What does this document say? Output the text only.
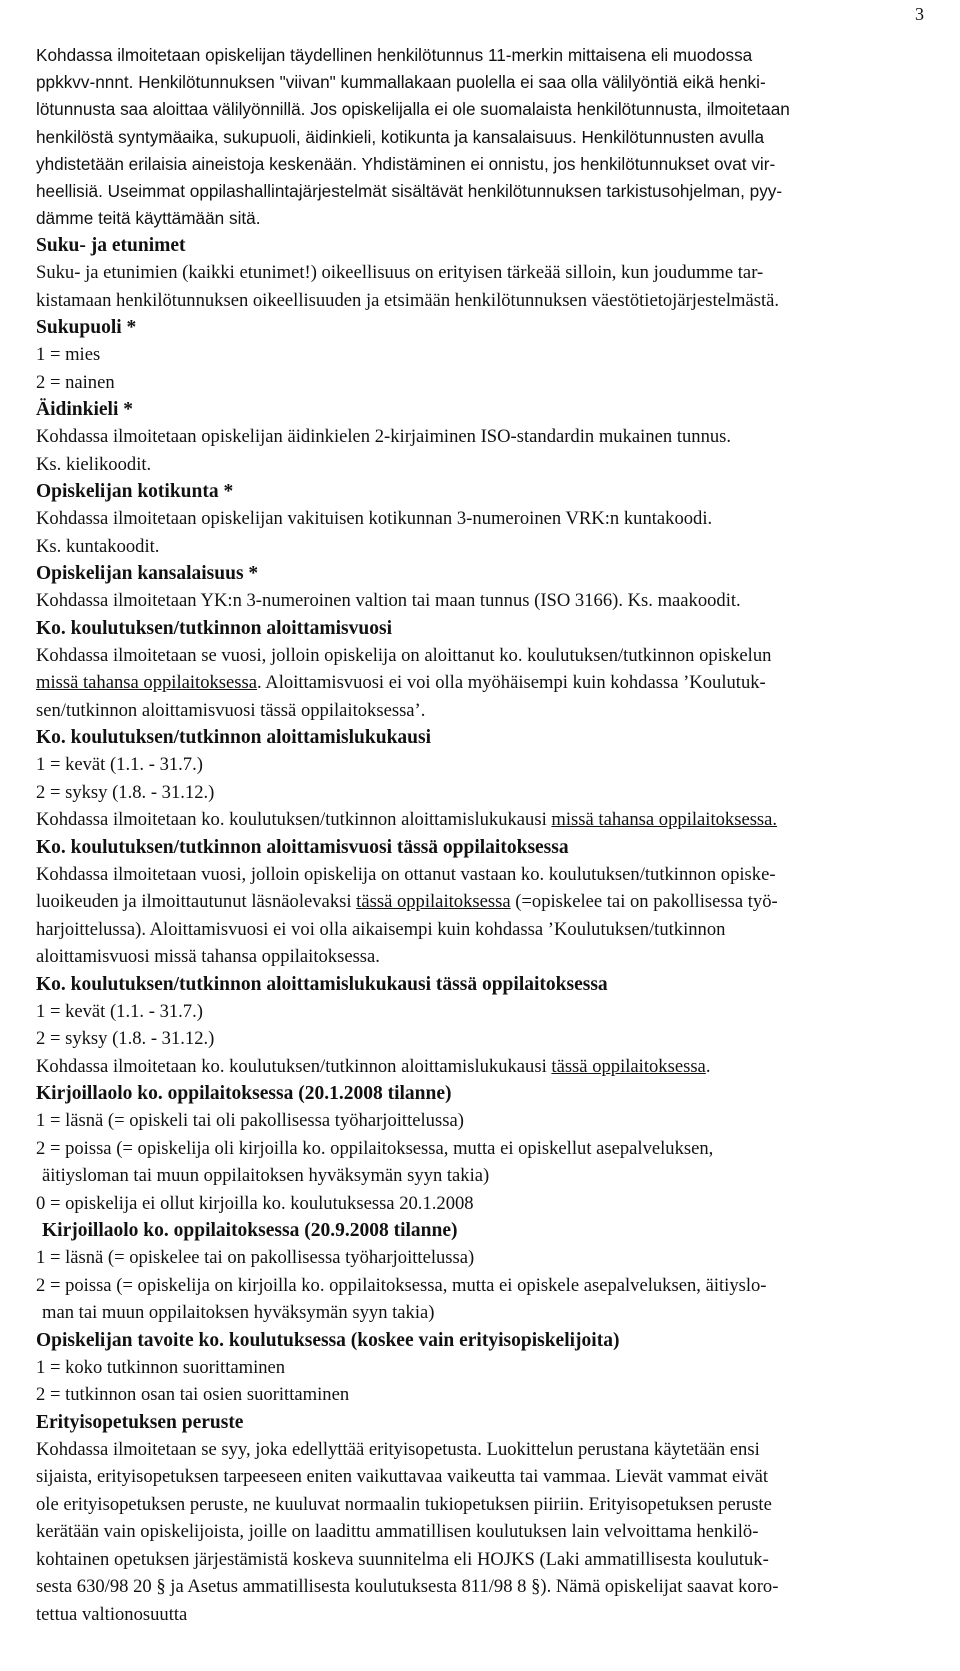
3

Kohdassa ilmoitetaan opiskelijan täydellinen henkilötunnus 11-merkin mittaisena eli muodossa

ppkkvv-nnnt. Henkilötunnuksen "viivan" kummallakaan puolella ei saa olla välilyöntiä eikä henki-

lötunnusta saa aloittaa välilyönnillä. Jos opiskelijalla ei ole suomalaista henkilötunnusta, ilmoitetaan

henkilöstä syntymäaika, sukupuoli, äidinkieli, kotikunta ja kansalaisuus. Henkilötunnusten avulla

yhdistetään erilaisia aineistoja keskenään. Yhdistäminen ei onnistu, jos henkilötunnukset ovat vir-

heellisiä. Useimmat oppilashallintajärjestelmät sisältävät henkilötunnuksen tarkistusohjelman, pyy-

dämme teitä käyttämään sitä.

Suku- ja etunimet

Suku- ja etunimien (kaikki etunimet!) oikeellisuus on erityisen tärkeää silloin, kun joudumme tar-

kistamaan henkilötunnuksen oikeellisuuden ja etsimään henkilötunnuksen väestötietojärjestelmästä.

Sukupuoli *

1 = mies

2 = nainen

Äidinkieli *

Kohdassa ilmoitetaan opiskelijan äidinkielen 2-kirjaiminen ISO-standardin mukainen tunnus.

Ks. kielikoodit.

Opiskelijan kotikunta *

Kohdassa ilmoitetaan opiskelijan vakituisen kotikunnan 3-numeroinen VRK:n kuntakoodi.

Ks. kuntakoodit.

Opiskelijan kansalaisuus *

Kohdassa ilmoitetaan YK:n 3-numeroinen valtion tai maan tunnus (ISO 3166). Ks. maakoodit.

Ko. koulutuksen/tutkinnon aloittamisvuosi

Kohdassa ilmoitetaan se vuosi, jolloin opiskelija on aloittanut ko. koulutuksen/tutkinnon opiskelun

missä tahansa oppilaitoksessa. Aloittamisvuosi ei voi olla myöhäisempi kuin kohdassa ’Koulutuk-

sen/tutkinnon aloittamisvuosi tässä oppilaitoksessa’.

Ko. koulutuksen/tutkinnon aloittamislukukausi

1 = kevät (1.1. - 31.7.)

2 = syksy (1.8. - 31.12.)

Kohdassa ilmoitetaan ko. koulutuksen/tutkinnon aloittamislukukausi missä tahansa oppilaitoksessa.

Ko. koulutuksen/tutkinnon aloittamisvuosi tässä oppilaitoksessa

Kohdassa ilmoitetaan vuosi, jolloin opiskelija on ottanut vastaan ko. koulutuksen/tutkinnon opiske-

luoikeuden ja ilmoittautunut läsnäolevaksi tässä oppilaitoksessa (=opiskelee tai on pakollisessa työ-

harjoittelussa). Aloittamisvuosi ei voi olla aikaisempi kuin kohdassa ’Koulutuksen/tutkinnon

aloittamisvuosi missä tahansa oppilaitoksessa.

Ko. koulutuksen/tutkinnon aloittamislukukausi tässä oppilaitoksessa

1 = kevät (1.1. - 31.7.)

2 = syksy (1.8. - 31.12.)

Kohdassa ilmoitetaan ko. koulutuksen/tutkinnon aloittamislukukausi tässä oppilaitoksessa.

Kirjoillaolo ko. oppilaitoksessa (20.1.2008 tilanne)

1 = läsnä (= opiskeli tai oli pakollisessa työharjoittelussa)

2 = poissa (= opiskelija oli kirjoilla ko. oppilaitoksessa, mutta ei opiskellut asepalveluksen,

äitiysloman tai muun oppilaitoksen hyväksymän syyn takia)

0 = opiskelija ei ollut kirjoilla ko. koulutuksessa 20.1.2008

Kirjoillaolo ko. oppilaitoksessa (20.9.2008 tilanne)

1 = läsnä (= opiskelee tai on pakollisessa työharjoittelussa)

2 = poissa (= opiskelija on kirjoilla ko. oppilaitoksessa, mutta ei opiskele asepalveluksen, äitiyslo-

man tai muun oppilaitoksen hyväksymän syyn takia)

Opiskelijan tavoite ko. koulutuksessa (koskee vain erityisopiskelijoita)

1 = koko tutkinnon suorittaminen

2 = tutkinnon osan tai osien suorittaminen

Erityisopetuksen peruste

Kohdassa ilmoitetaan se syy, joka edellyttää erityisopetusta. Luokittelun perustana käytetään ensi

sijaista, erityisopetuksen tarpeeseen eniten vaikuttavaa vaikeutta tai vammaa. Lievät vammat eivät

ole erityisopetuksen peruste, ne kuuluvat normaalin tukiopetuksen piiriin. Erityisopetuksen peruste

kerätään vain opiskelijoista, joille on laadittu ammatillisen koulutuksen lain velvoittama henkilö-

kohtainen opetuksen järjestämistä koskeva suunnitelma eli HOJKS (Laki ammatillisesta koulutuk-

sesta 630/98 20 § ja Asetus ammatillisesta koulutuksesta 811/98 8 §). Nämä opiskelijat saavat koro-

tettua valtionosuutta
